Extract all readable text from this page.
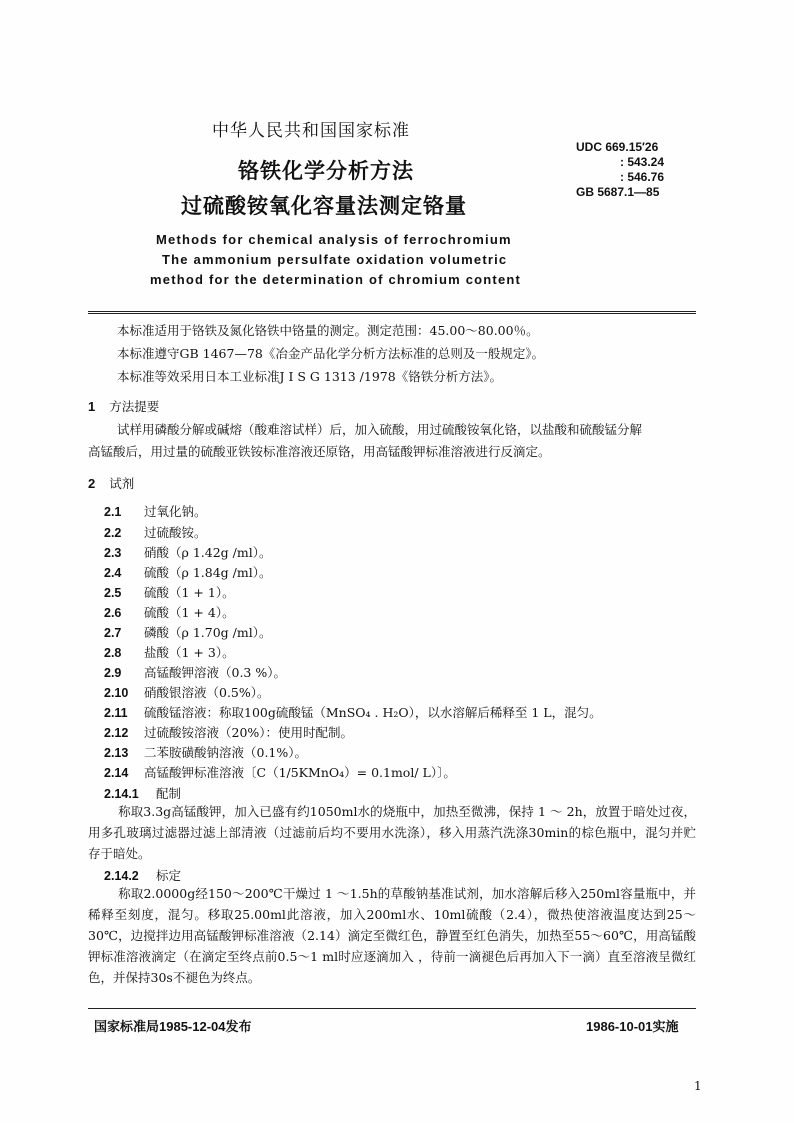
中华人民共和国国家标准
铬铁化学分析方法
过硫酸铵氧化容量法测定铬量
UDC 669.15′26
: 543.24
: 546.76
GB 5687.1—85
Methods for chemical analysis of ferrochromium
The ammonium persulfate oxidation volumetric
method for the determination of chromium content
本标准适用于铬铁及氮化铬铁中铬量的测定。测定范围：45.00～80.00％。
本标准遵守GB 1467—78《冶金产品化学分析方法标准的总则及一般规定》。
本标准等效采用日本工业标准J I S G 1313 /1978《铬铁分析方法》。
1 方法提要
试样用磷酸分解或碱熔（酸难溶试样）后，加入硫酸，用过硫酸铵氧化铬，以盐酸和硫酸锰分解
高锰酸后，用过量的硫酸亚铁铵标准溶液还原铬，用高锰酸钾标准溶液进行反滴定。
2 试剂
2.1 过氧化钠。
2.2 过硫酸铵。
2.3 硝酸（ρ 1.42g /ml）。
2.4 硫酸（ρ 1.84g /ml）。
2.5 硫酸（1 + 1）。
2.6 硫酸（1 + 4）。
2.7 磷酸（ρ 1.70g /ml）。
2.8 盐酸（1 + 3）。
2.9 高锰酸钾溶液（0.3 %）。
2.10 硝酸银溶液（0.5%）。
2.11 硫酸锰溶液：称取100g硫酸锰（MnSO₄ . H₂O），以水溶解后稀释至 1 L，混匀。
2.12 过硫酸铵溶液（20%）：使用时配制。
2.13 二苯胺磺酸钠溶液（0.1%）。
2.14 高锰酸钾标准溶液〔C（1/5KMnO₄）= 0.1mol/ L）〕。
2.14.1 配制

称取3.3g高锰酸钾，加入已盛有约1050ml水的烧瓶中，加热至微沸，保持 1 ～ 2h，放置于暗处过夜，用多孔玻璃过滤器过滤上部清液（过滤前后均不要用水洗涤），移入用蒸汽洗涤30min的棕色瓶中，混匀并贮存于暗处。

2.14.2 标定

称取2.0000g经150～200℃干燥过 1 ～1.5h的草酸钠基准试剂，加水溶解后移入250ml容量瓶中，并稀释至刻度，混匀。移取25.00ml此溶液，加入200ml水、10ml硫酸（2.4），微热使溶液温度达到25～30℃，边搅拌边用高锰酸钾标准溶液（2.14）滴定至微红色，静置至红色消失，加热至55～60℃，用高锰酸钾标准溶液滴定（在滴定至终点前0.5～1 ml时应逐滴加入 ，待前一滴褪色后再加入下一滴）直至溶液呈微红色，并保持30s不褪色为终点。

国家标准局1985-12-04发布	1986-10-01实施
1
